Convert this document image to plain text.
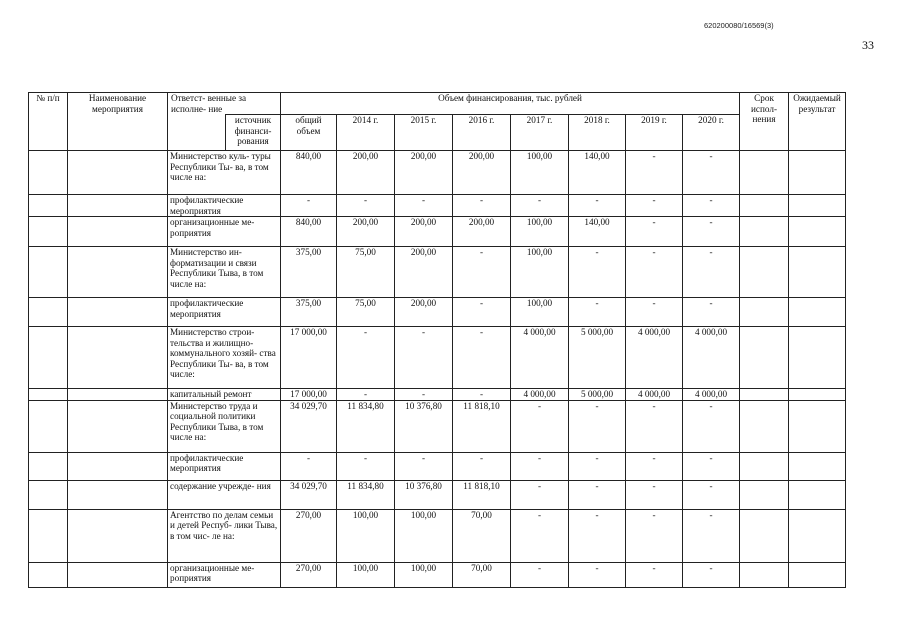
620200080/16569(3)
33
№ п/п	Наименование мероприятия	Ответст- венные за исполне- ние		Объем финансирования, тыс. рублей								Срок испол- нения	Ожидаемый результат
			источник финанси- рования	общий объем	2014 г.	2015 г.	2016 г.	2017 г.	2018 г.	2019 г.	2020 г.		
		Министерство куль- туры Республики Ты- ва, в том числе на:		840,00	200,00	200,00	200,00	100,00	140,00	-	-		
		профилактические мероприятия		-	-	-	-	-	-	-	-		
		организационные ме- роприятия		840,00	200,00	200,00	200,00	100,00	140,00	-	-		
		Министерство ин- форматизации и связи Республики Тыва, в том числе на:		375,00	75,00	200,00	-	100,00	-	-	-		
		профилактические мероприятия		375,00	75,00	200,00	-	100,00	-	-	-		
		Министерство строи- тельства и жилищно- коммунального хозяй- ства Республики Ты- ва, в том числе:		17 000,00	-	-	-	4 000,00	5 000,00	4 000,00	4 000,00		
		капитальный ремонт		17 000,00	-	-	-	4 000,00	5 000,00	4 000,00	4 000,00		
		Министерство труда и социальной политики Республики Тыва, в том числе на:		34 029,70	11 834,80	10 376,80	11 818,10	-	-	-	-		
		профилактические мероприятия		-	-	-	-	-	-	-	-		
		содержание учрежде- ния		34 029,70	11 834,80	10 376,80	11 818,10	-	-	-	-		
		Агентство по делам семьи и детей Респуб- лики Тыва, в том чис- ле на:		270,00	100,00	100,00	70,00	-	-	-	-		
		организационные ме- роприятия		270,00	100,00	100,00	70,00	-	-	-	-		
